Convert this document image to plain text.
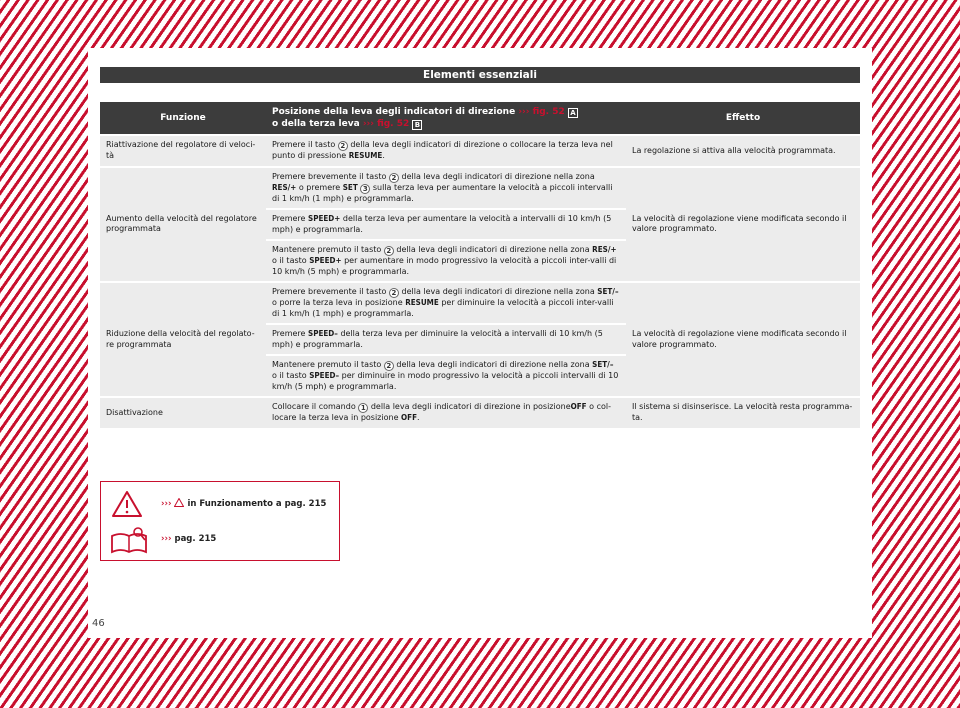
Elementi essenziali
Funzione	Posizione della leva degli indicatori di direzione ››› fig. 52 A
o della terza leva ››› fig. 52 B	Effetto
Riattivazione del regolatore di veloci-tà	Premere il tasto 2 della leva degli indicatori di direzione o collocare la terza leva nel punto di pressione RESUME.	La regolazione si attiva alla velocità programmata.
Aumento della velocità del regolatore programmata	Premere brevemente il tasto 2 della leva degli indicatori di direzione nella zona RES/+ o premere SET 3 sulla terza leva per aumentare la velocità a piccoli intervalli di 1 km/h (1 mph) e programmarla.	La velocità di regolazione viene modificata secondo il valore programmato.
	Premere SPEED+ della terza leva per aumentare la velocità a intervalli di 10 km/h (5 mph) e programmarla.	
	Mantenere premuto il tasto 2 della leva degli indicatori di direzione nella zona RES/+ o il tasto SPEED+ per aumentare in modo progressivo la velocità a piccoli inter-valli di 10 km/h (5 mph) e programmarla.	
Riduzione della velocità del regolato-re programmata	Premere brevemente il tasto 2 della leva degli indicatori di direzione nella zona SET/– o porre la terza leva in posizione RESUME per diminuire la velocità a piccoli inter-valli di 1 km/h (1 mph) e programmarla.	La velocità di regolazione viene modificata secondo il valore programmato.
	Premere SPEED– della terza leva per diminuire la velocità a intervalli di 10 km/h (5 mph) e programmarla.	
	Mantenere premuto il tasto 2 della leva degli indicatori di direzione nella zona SET/– o il tasto SPEED– per diminuire in modo progressivo la velocità a piccoli intervalli di 10 km/h (5 mph) e programmarla.	
Disattivazione	Collocare il comando 1 della leva degli indicatori di direzione in posizioneOFF o col-locare la terza leva in posizione OFF.	Il sistema si disinserisce. La velocità resta programma-ta.
››› in Funzionamento a pag. 215
››› pag. 215
46
